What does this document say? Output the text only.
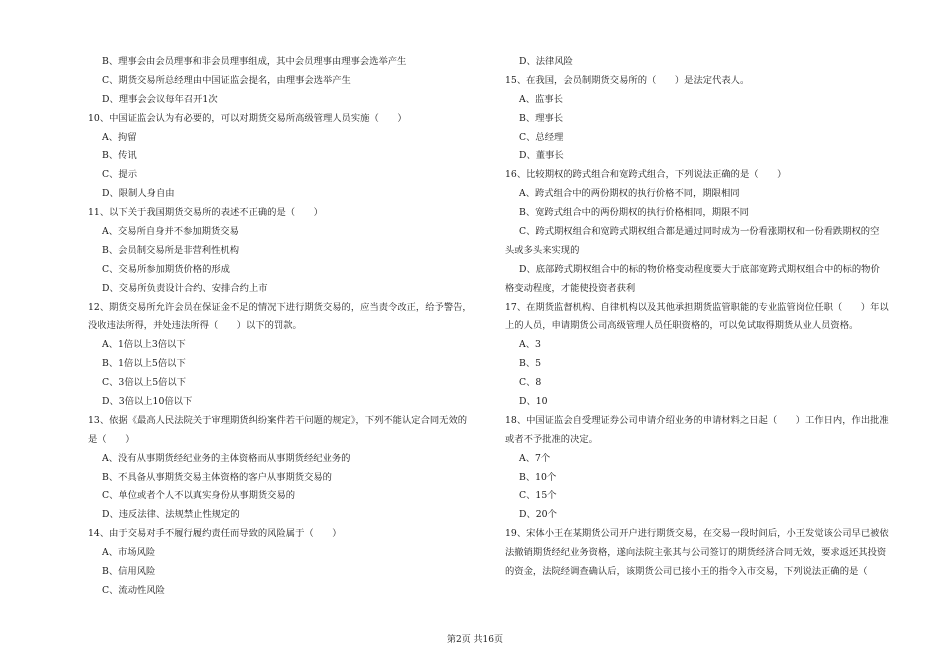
B、理事会由会员理事和非会员理事组成，其中会员理事由理事会选举产生
C、期货交易所总经理由中国证监会提名，由理事会选举产生
D、理事会会议每年召开1次
10、中国证监会认为有必要的，可以对期货交易所高级管理人员实施（　　）
A、拘留
B、传讯
C、提示
D、限制人身自由
11、以下关于我国期货交易所的表述不正确的是（　　）
A、交易所自身并不参加期货交易
B、会员制交易所是非营利性机构
C、交易所参加期货价格的形成
D、交易所负责设计合约、安排合约上市
12、期货交易所允许会员在保证金不足的情况下进行期货交易的，应当责令改正，给予警告，
没收违法所得，并处违法所得（　　）以下的罚款。
A、1倍以上3倍以下
B、1倍以上5倍以下
C、3倍以上5倍以下
D、3倍以上10倍以下
13、依据《最高人民法院关于审理期货纠纷案件若干问题的规定》，下列不能认定合同无效的
是（　　）
A、没有从事期货经纪业务的主体资格而从事期货经纪业务的
B、不具备从事期货交易主体资格的客户从事期货交易的
C、单位或者个人不以真实身份从事期货交易的
D、违反法律、法规禁止性规定的
14、由于交易对手不履行履约责任而导致的风险属于（　　）
A、市场风险
B、信用风险
C、流动性风险
D、法律风险
15、在我国，会员制期货交易所的（　　）是法定代表人。
A、监事长
B、理事长
C、总经理
D、董事长
16、比较期权的跨式组合和宽跨式组合，下列说法正确的是（　　）
A、跨式组合中的两份期权的执行价格不同，期限相同
B、宽跨式组合中的两份期权的执行价格相同，期限不同
C、跨式期权组合和宽跨式期权组合都是通过同时成为一份看涨期权和一份看跌期权的空
头或多头来实现的
D、底部跨式期权组合中的标的物价格变动程度要大于底部宽跨式期权组合中的标的物价
格变动程度，才能使投资者获利
17、在期货监督机构、自律机构以及其他承担期货监管职能的专业监管岗位任职（　　）年以
上的人员，申请期货公司高级管理人员任职资格的，可以免试取得期货从业人员资格。
A、3
B、5
C、8
D、10
18、中国证监会自受理证券公司申请介绍业务的申请材料之日起（　　）工作日内，作出批准
或者不予批准的决定。
A、7个
B、10个
C、15个
D、20个
19、宋体小王在某期货公司开户进行期货交易，在交易一段时间后，小王发觉该公司早已被依
法撤销期货经纪业务资格，遂向法院主张其与公司签订的期货经济合同无效，要求返还其投资
的资金，法院经调查确认后，该期货公司已接小王的指令入市交易，下列说法正确的是（
第2页 共16页
